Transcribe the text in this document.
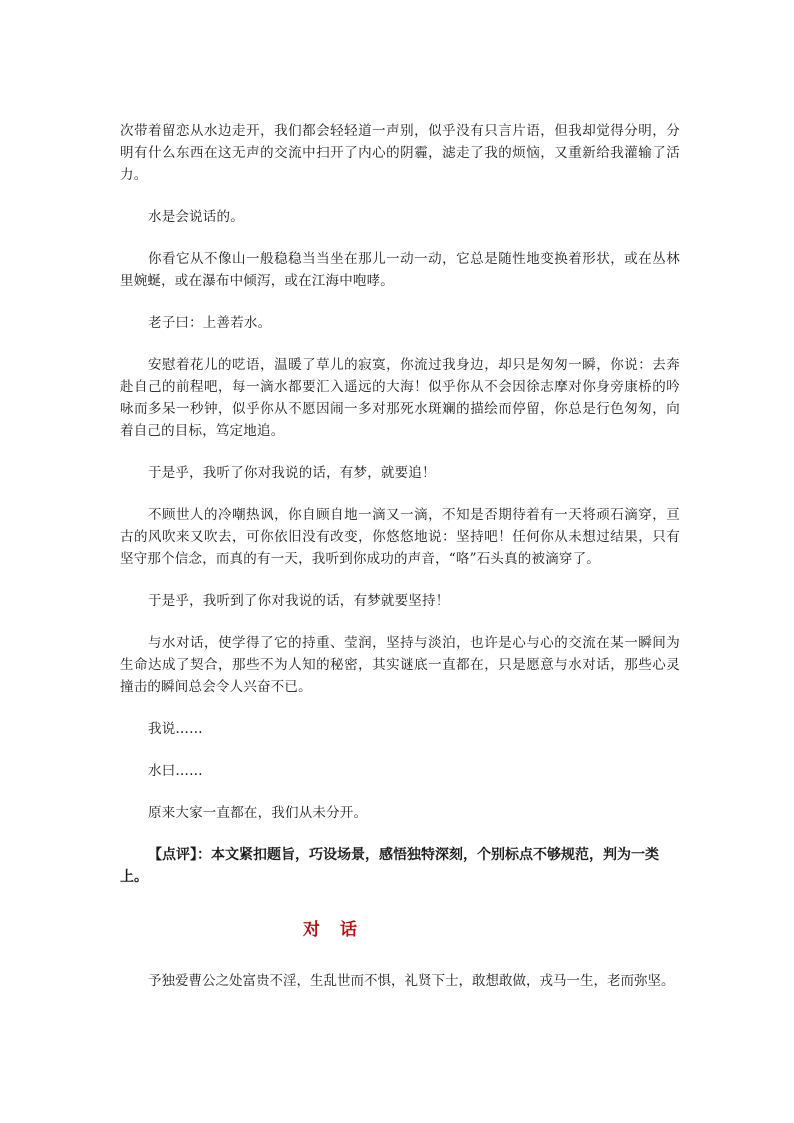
次带着留恋从水边走开，我们都会轻轻道一声别，似乎没有只言片语，但我却觉得分明，分明有什么东西在这无声的交流中扫开了内心的阴霾，滤走了我的烦恼，又重新给我灌输了活力。

水是会说话的。

你看它从不像山一般稳稳当当坐在那儿一动一动，它总是随性地变换着形状，或在丛林里婉蜒，或在瀑布中倾泻，或在江海中咆哮。

老子曰：上善若水。

安慰着花儿的呓语，温暖了草儿的寂寞，你流过我身边，却只是匆匆一瞬，你说：去奔赴自己的前程吧，每一滴水都要汇入遥远的大海！似乎你从不会因徐志摩对你身旁康桥的吟咏而多呆一秒钟，似乎你从不愿因闹一多对那死水斑斓的描绘而停留，你总是行色匆匆，向着自己的目标，笃定地追。

于是乎，我听了你对我说的话，有梦，就要追！

不顾世人的冷嘲热讽，你自顾自地一滴又一滴，不知是否期待着有一天将顽石滴穿，亘古的风吹来又吹去，可你依旧没有改变，你悠悠地说：坚持吧！任何你从未想过结果，只有坚守那个信念，而真的有一天，我听到你成功的声音，“咯”石头真的被滴穿了。

于是乎，我听到了你对我说的话，有梦就要坚持！

与水对话，使学得了它的持重、莹润，坚持与淡泊，也许是心与心的交流在某一瞬间为生命达成了契合，那些不为人知的秘密，其实谜底一直都在，只是愿意与水对话，那些心灵撞击的瞬间总会令人兴奋不已。

我说……

水曰……

原来大家一直都在，我们从未分开。

【点评】：本文紧扣题旨，巧设场景，感悟独特深刻，个别标点不够规范，判为一类上。

对话
予独爱曹公之处富贵不淫，生乱世而不惧，礼贤下士，敢想敢做，戎马一生，老而弥坚。
